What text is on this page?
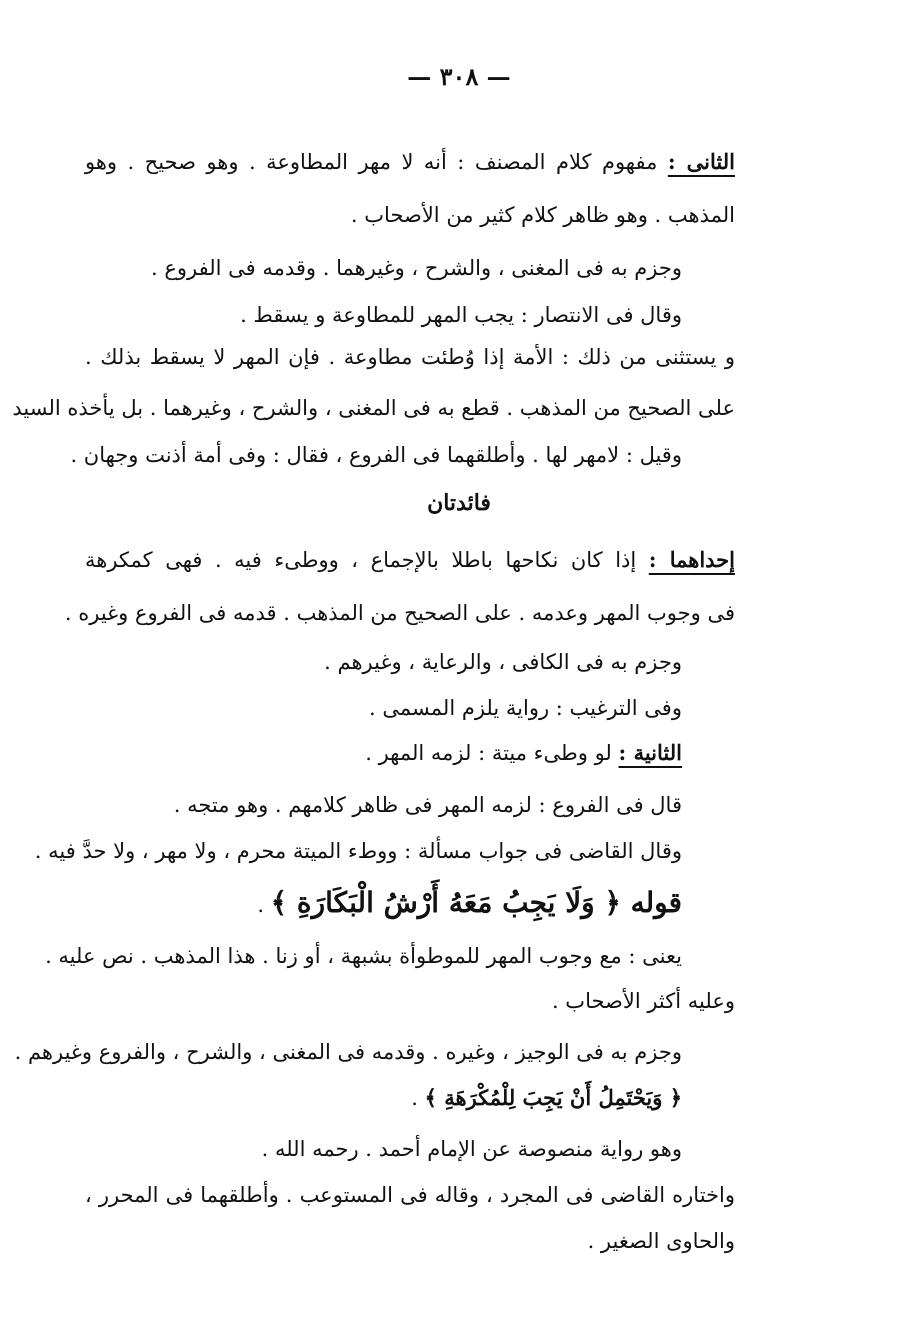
— ٣٠٨ —
الثانى : مفهوم كلام المصنف : أنه لا مهر المطاوعة . وهو صحيح . وهو
المذهب . وهو ظاهر كلام كثير من الأصحاب .
وجزم به فى المغنى ، والشرح ، وغيرهما . وقدمه فى الفروع .
وقال فى الانتصار : يجب المهر للمطاوعة و يسقط .
و يستثنى من ذلك : الأمة إذا وُطئت مطاوعة . فإن المهر لا يسقط بذلك .
على الصحيح من المذهب . قطع به فى المغنى ، والشرح ، وغيرهما . بل يأخذه السيد
وقيل : لامهر لها . وأطلقهما فى الفروع ، فقال : وفى أمة أذنت وجهان .
فائدتان
إحداهما : إذا كان نكاحها باطلا بالإجماع ، ووطىء فيه . فهى كمكرهة
فى وجوب المهر وعدمه . على الصحيح من المذهب . قدمه فى الفروع وغيره .
وجزم به فى الكافى ، والرعاية ، وغيرهم .
وفى الترغيب : رواية يلزم المسمى .
الثانية : لو وطىء ميتة : لزمه المهر .
قال فى الفروع : لزمه المهر فى ظاهر كلامهم . وهو متجه .
وقال القاضى فى جواب مسألة : ووطء الميتة محرم ، ولا مهر ، ولا حدَّ فيه .
قوله ﴿ وَلَا يَجِبُ مَعَهُ أَرْشُ الْبَكَارَةِ ﴾ .
يعنى : مع وجوب المهر للموطوأة بشبهة ، أو زنا . هذا المذهب . نص عليه .
وعليه أكثر الأصحاب .
وجزم به فى الوجيز ، وغيره . وقدمه فى المغنى ، والشرح ، والفروع وغيرهم .
﴿ وَيَحْتَمِلُ أَنْ يَجِبَ لِلْمُكْرَهَةِ ﴾ .
وهو رواية منصوصة عن الإمام أحمد . رحمه الله .
واختاره القاضى فى المجرد ، وقاله فى المستوعب . وأطلقهما فى المحرر ،
والحاوى الصغير .
